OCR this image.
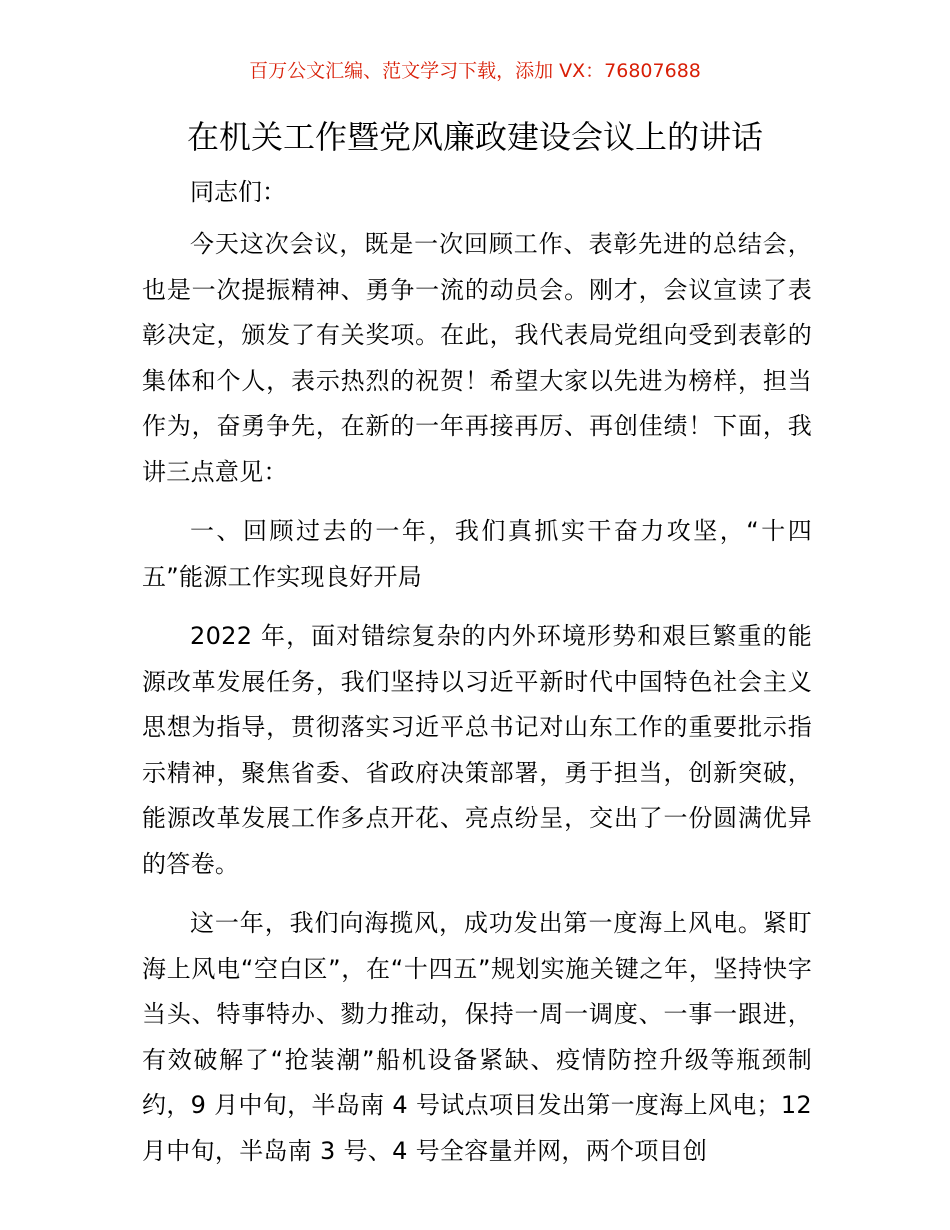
百万公文汇编、范文学习下载，添加 VX：76807688
在机关工作暨党风廉政建设会议上的讲话

同志们：

今天这次会议，既是一次回顾工作、表彰先进的总结会，也是一次提振精神、勇争一流的动员会。刚才，会议宣读了表彰决定，颁发了有关奖项。在此，我代表局党组向受到表彰的集体和个人，表示热烈的祝贺！希望大家以先进为榜样，担当作为，奋勇争先，在新的一年再接再厉、再创佳绩！下面，我讲三点意见：

一、回顾过去的一年，我们真抓实干奋力攻坚，“十四五”能源工作实现良好开局

2022 年，面对错综复杂的内外环境形势和艰巨繁重的能源改革发展任务，我们坚持以习近平新时代中国特色社会主义思想为指导，贯彻落实习近平总书记对山东工作的重要批示指示精神，聚焦省委、省政府决策部署，勇于担当，创新突破，能源改革发展工作多点开花、亮点纷呈，交出了一份圆满优异的答卷。

这一年，我们向海揽风，成功发出第一度海上风电。紧盯海上风电“空白区”，在“十四五”规划实施关键之年，坚持快字当头、特事特办、勠力推动，保持一周一调度、一事一跟进，有效破解了“抢装潮”船机设备紧缺、疫情防控升级等瓶颈制约，9 月中旬，半岛南 4 号试点项目发出第一度海上风电；12 月中旬，半岛南 3 号、4 号全容量并网，两个项目创
